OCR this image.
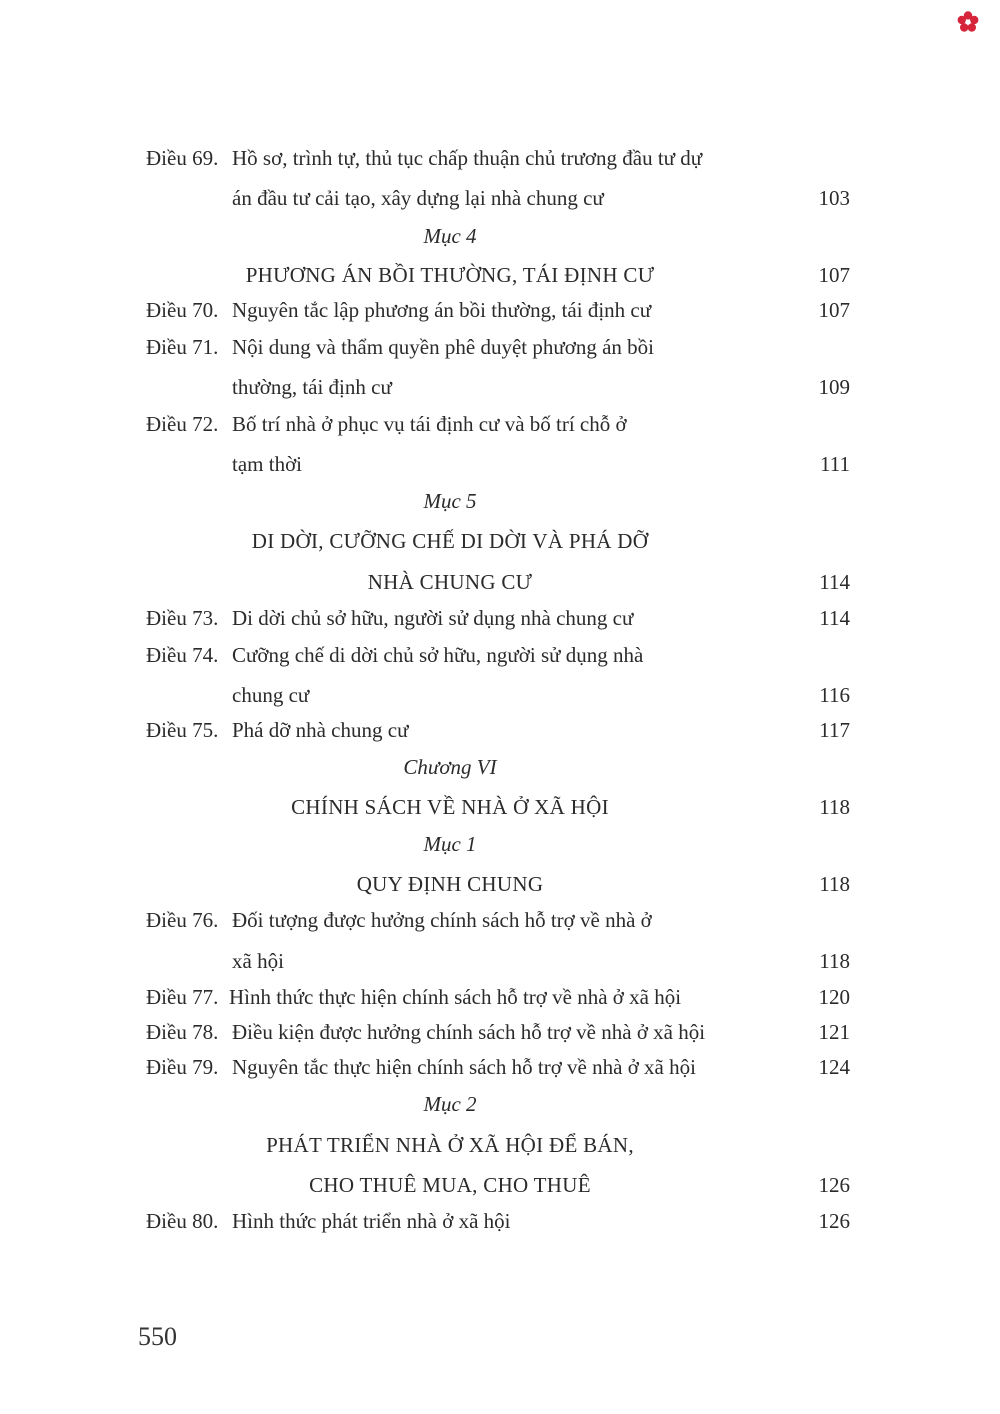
Điều 69. Hồ sơ, trình tự, thủ tục chấp thuận chủ trương đầu tư dự
án đầu tư cải tạo, xây dựng lại nhà chung cư	103
Mục 4
PHƯƠNG ÁN BỒI THƯỜNG, TÁI ĐỊNH CƯ	107
Điều 70. Nguyên tắc lập phương án bồi thường, tái định cư	107
Điều 71. Nội dung và thẩm quyền phê duyệt phương án bồi
thường, tái định cư	109
Điều 72. Bố trí nhà ở phục vụ tái định cư và bố trí chỗ ở
tạm thời	111
Mục 5
DI DỜI, CƯỠNG CHẾ DI DỜI VÀ PHÁ DỠ
NHÀ CHUNG CƯ	114
Điều 73. Di dời chủ sở hữu, người sử dụng nhà chung cư	114
Điều 74. Cưỡng chế di dời chủ sở hữu, người sử dụng nhà
chung cư	116
Điều 75. Phá dỡ nhà chung cư	117
Chương VI
CHÍNH SÁCH VỀ NHÀ Ở XÃ HỘI	118
Mục 1
QUY ĐỊNH CHUNG	118
Điều 76. Đối tượng được hưởng chính sách hỗ trợ về nhà ở
xã hội	118
Điều 77. Hình thức thực hiện chính sách hỗ trợ về nhà ở xã hội	120
Điều 78. Điều kiện được hưởng chính sách hỗ trợ về nhà ở xã hội	121
Điều 79. Nguyên tắc thực hiện chính sách hỗ trợ về nhà ở xã hội	124
Mục 2
PHÁT TRIỂN NHÀ Ở XÃ HỘI ĐỂ BÁN,
CHO THUÊ MUA, CHO THUÊ	126
Điều 80. Hình thức phát triển nhà ở xã hội	126
550
